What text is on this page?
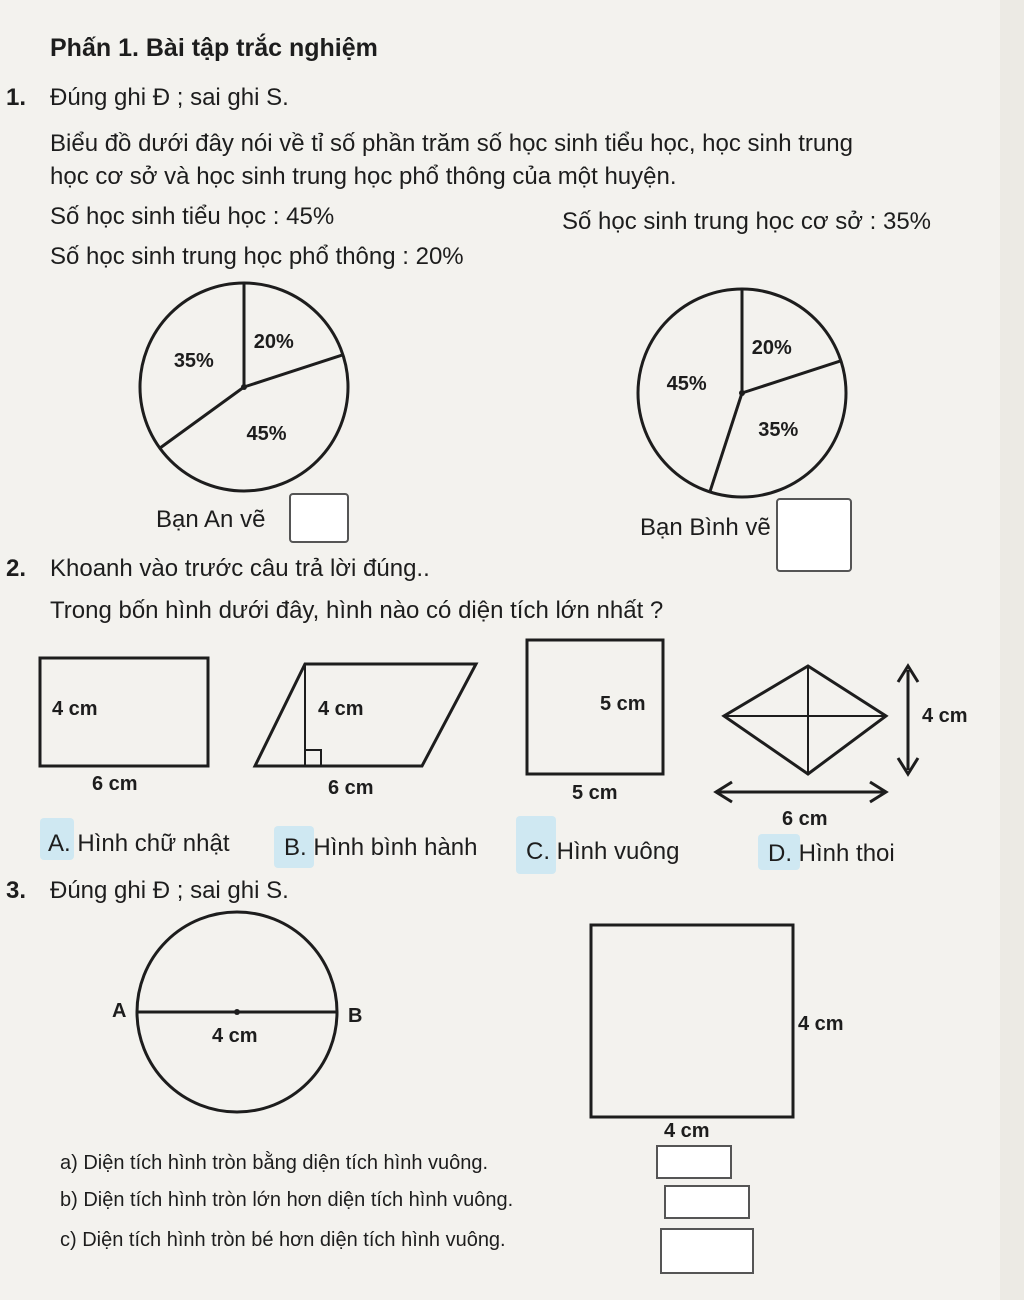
Phấn 1. Bài tập trắc nghiệm
1. Đúng ghi Đ ; sai ghi S.
Biểu đồ dưới đây nói về tỉ số phần trăm số học sinh tiểu học, học sinh trung
học cơ sở và học sinh trung học phổ thông của một huyện.
Số học sinh tiểu học : 45%	Số học sinh trung học cơ sở : 35%
Số học sinh trung học phổ thông : 20%
Bạn An vẽ	Bạn Bình vẽ
20%
45%
35%
20%
35%
45%
2. Khoanh vào trước câu trả lời đúng..
Trong bốn hình dưới đây, hình nào có diện tích lớn nhất ?
4 cm
6 cm
4 cm
6 cm
5 cm
5 cm
4 cm
6 cm
A. Hình chữ nhật B. Hình bình hành C. Hình vuông	D. Hình thoi
3. Đúng ghi Đ ; sai ghi S.
A	B
4 cm
4 cm
4 cm
a) Diện tích hình tròn bằng diện tích hình vuông.
b) Diện tích hình tròn lớn hơn diện tích hình vuông.
c) Diện tích hình tròn bé hơn diện tích hình vuông.
